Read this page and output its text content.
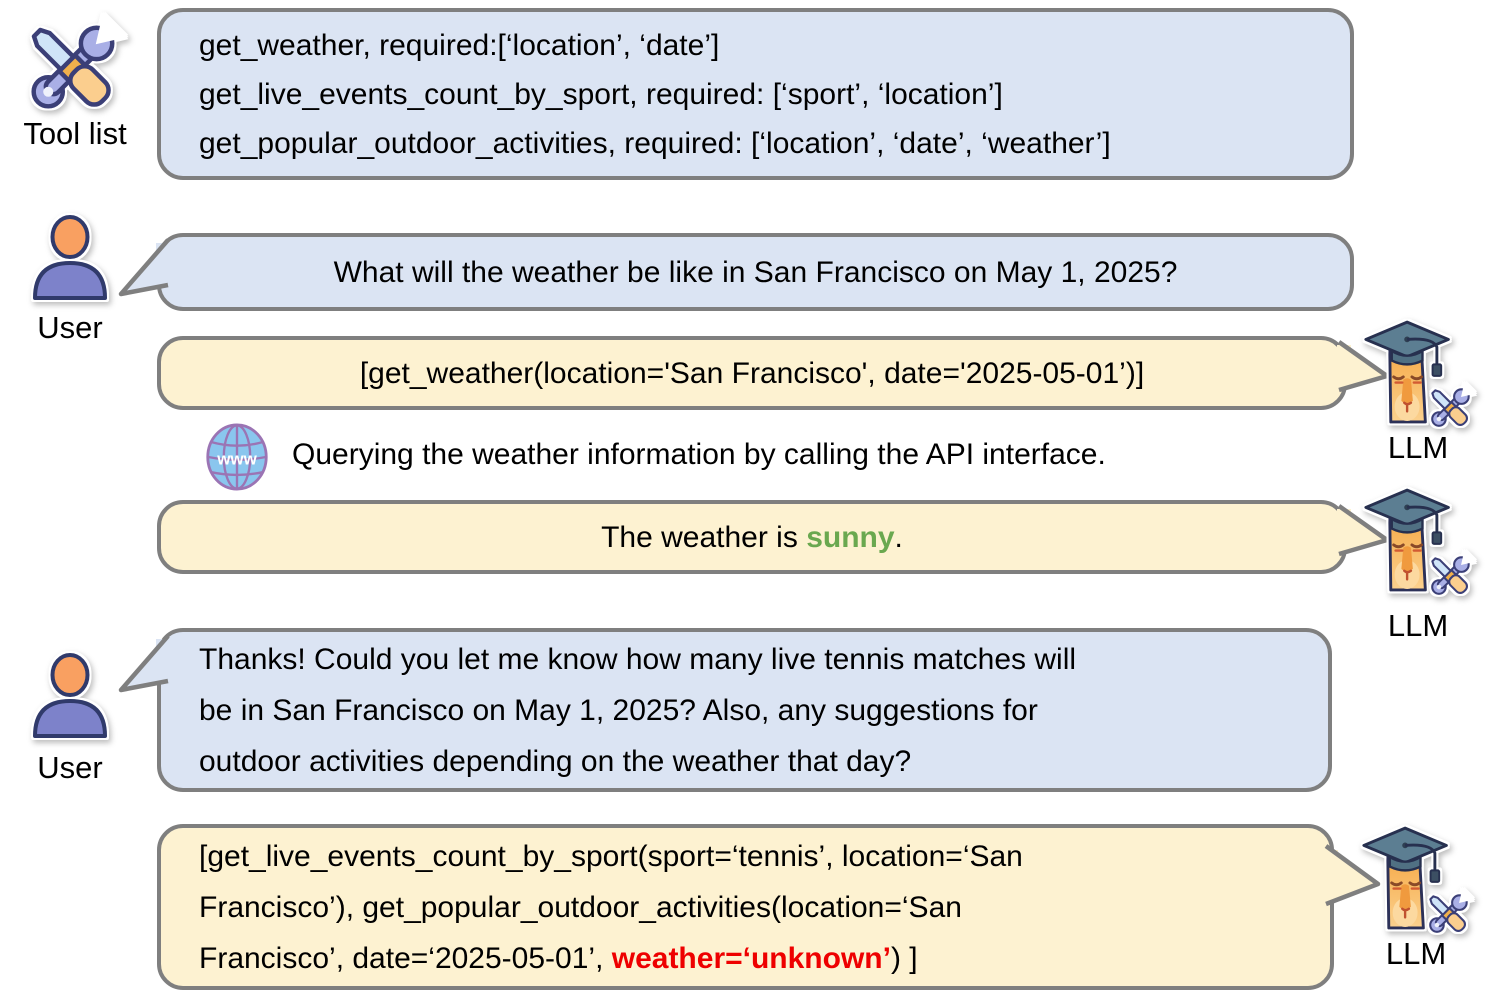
Tool list
get_weather, required:[‘location’, ‘date’]
get_live_events_count_by_sport, required: [‘sport’, ‘location’]
get_popular_outdoor_activities, required: [‘location’, ‘date’, ‘weather’]
User
What will the weather be like in San Francisco on May 1, 2025?
[get_weather(location='San Francisco', date='2025-05-01’)]
LLM
www Querying the weather information by calling the API interface.
The weather is sunny.
LLM
User
Thanks! Could you let me know how many live tennis matches will
be in San Francisco on May 1, 2025? Also, any suggestions for
outdoor activities depending on the weather that day?
[get_live_events_count_by_sport(sport=‘tennis’, location=‘San
Francisco’), get_popular_outdoor_activities(location=‘San
Francisco’, date=‘2025-05-01’, weather=‘unknown’) ]	LLM
